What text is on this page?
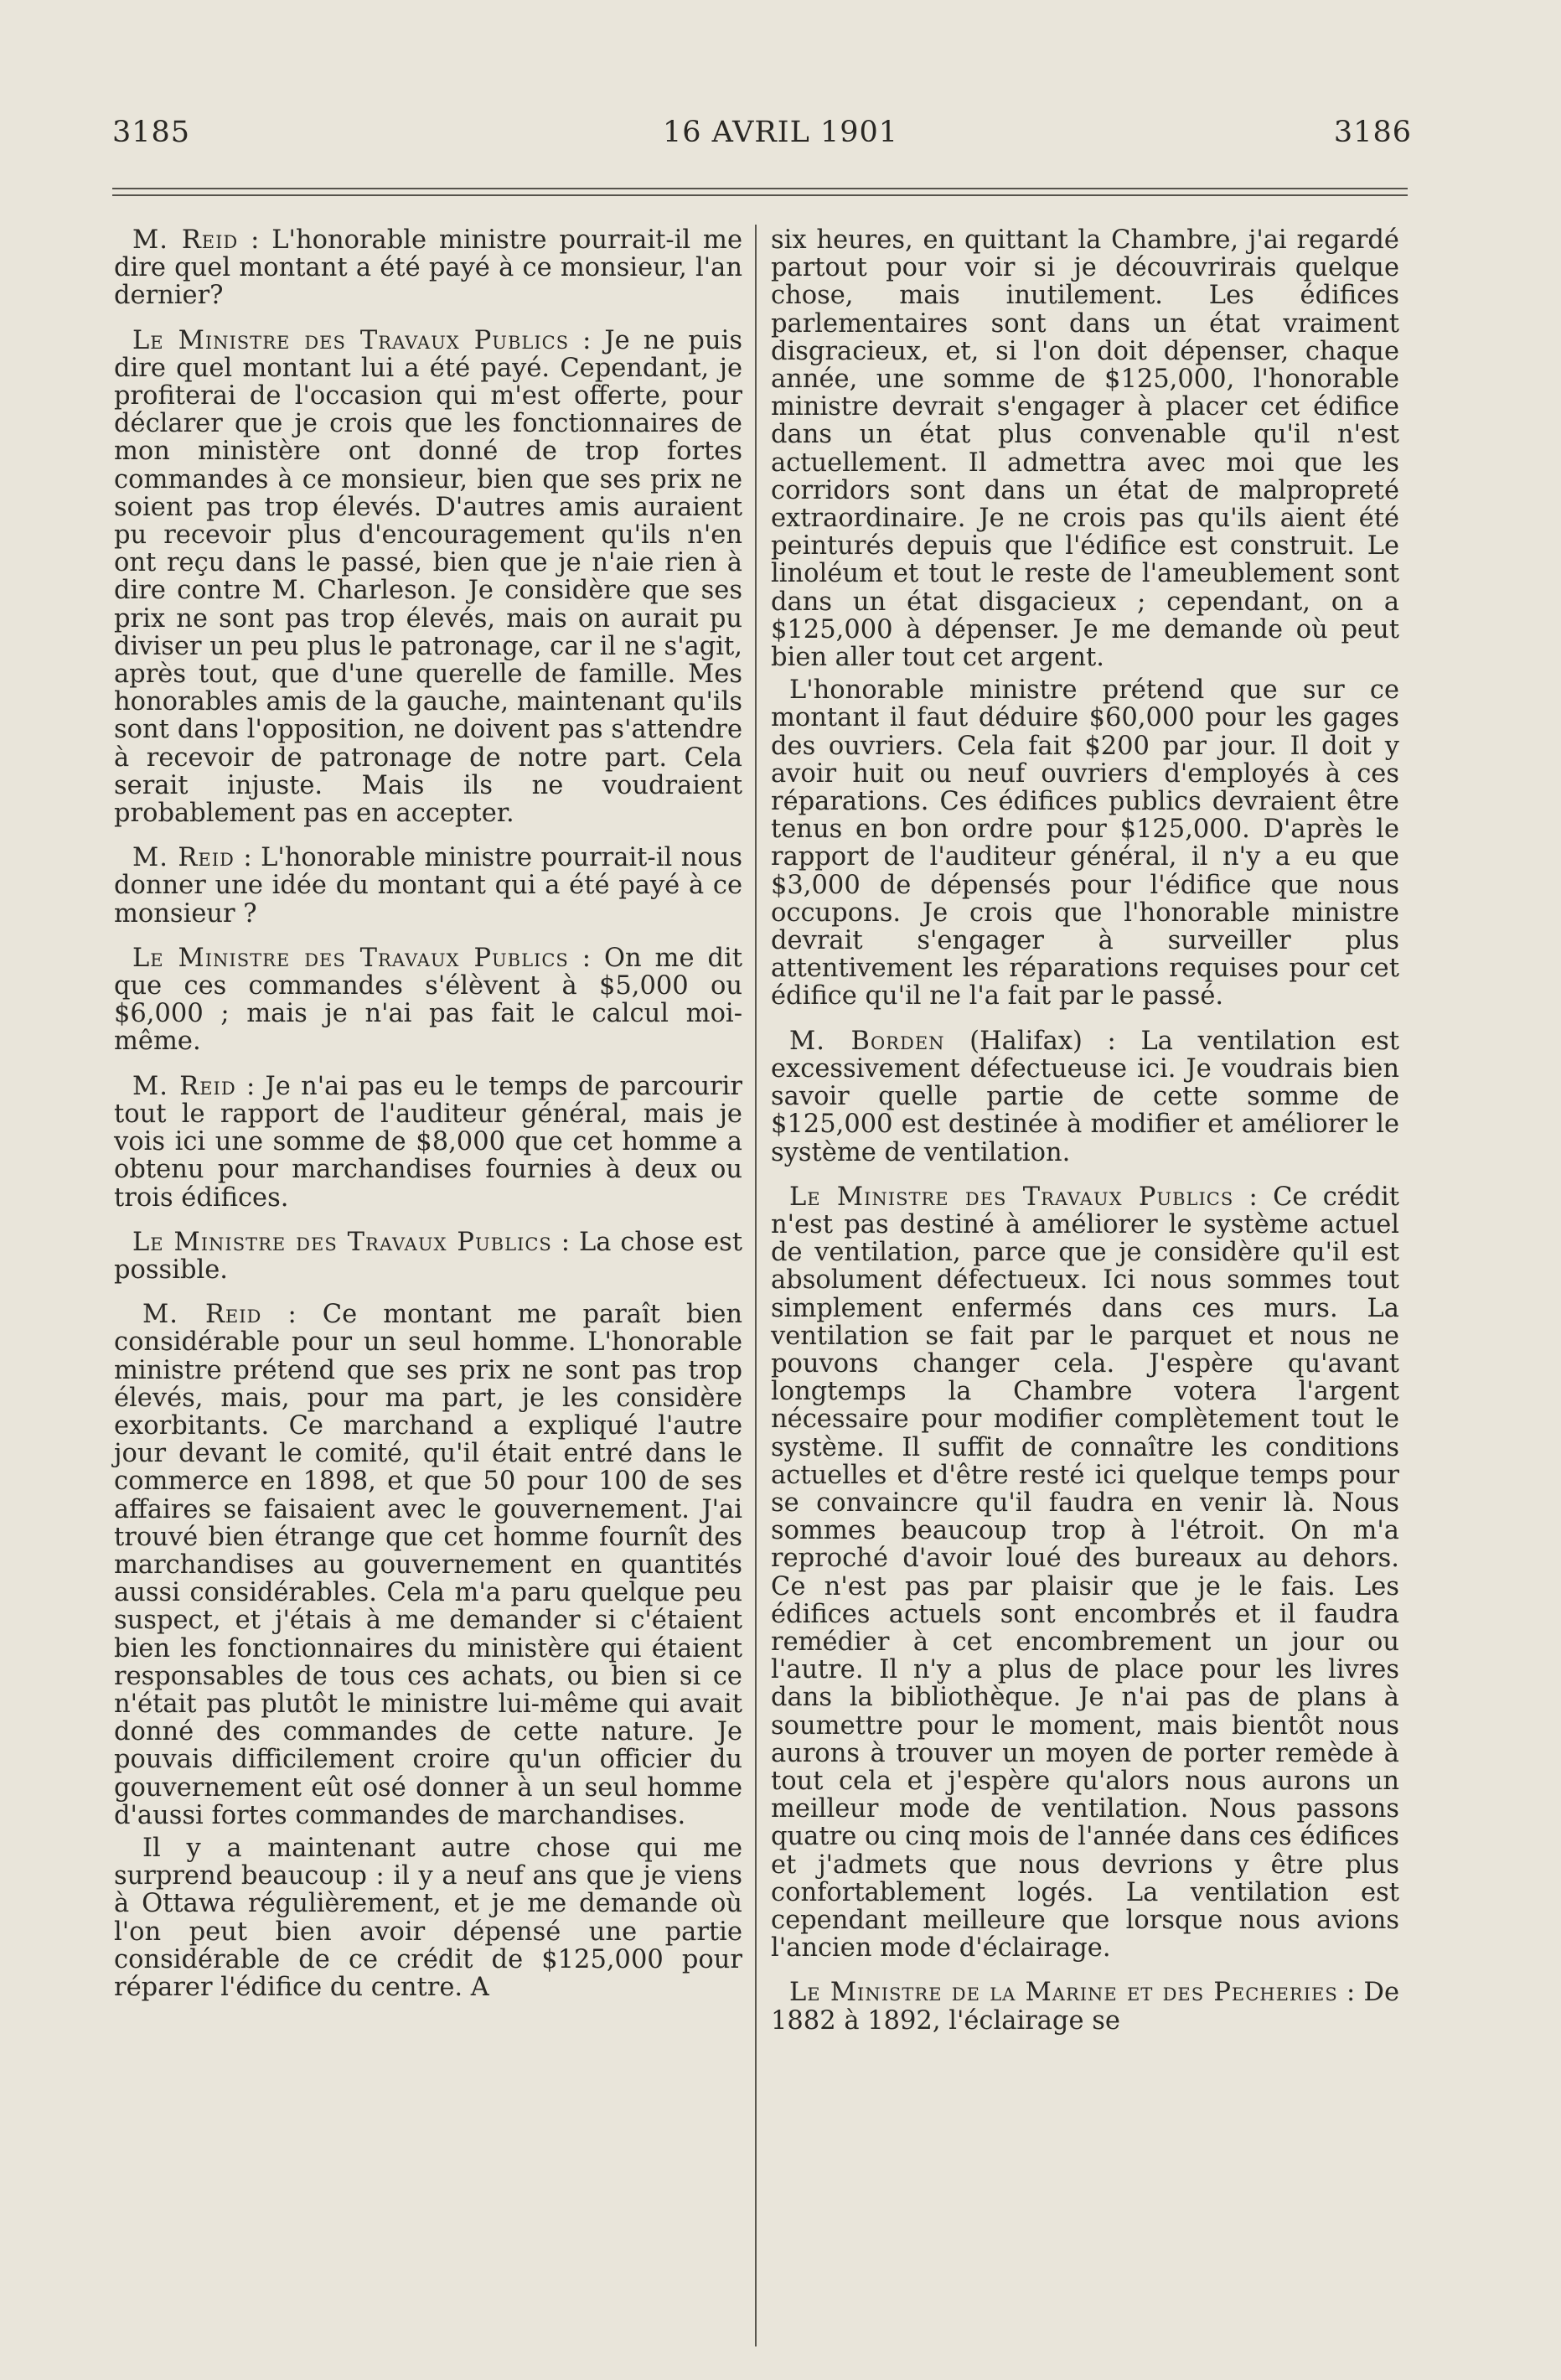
3185	16 AVRIL 1901	3186

M. Reid : L'honorable ministre pourrait-il me dire quel montant a été payé à ce monsieur, l'an dernier?

Le Ministre des Travaux Publics : Je ne puis dire quel montant lui a été payé. Cependant, je profiterai de l'occasion qui m'est offerte, pour déclarer que je crois que les fonctionnaires de mon ministère ont donné de trop fortes commandes à ce monsieur, bien que ses prix ne soient pas trop élevés. D'autres amis auraient pu recevoir plus d'encouragement qu'ils n'en ont reçu dans le passé, bien que je n'aie rien à dire contre M. Charleson. Je considère que ses prix ne sont pas trop élevés, mais on aurait pu diviser un peu plus le patronage, car il ne s'agit, après tout, que d'une querelle de famille. Mes honorables amis de la gauche, maintenant qu'ils sont dans l'opposition, ne doivent pas s'attendre à recevoir de patronage de notre part. Cela serait injuste. Mais ils ne voudraient probablement pas en accepter.

M. Reid : L'honorable ministre pourrait-il nous donner une idée du montant qui a été payé à ce monsieur ?

Le Ministre des Travaux Publics : On me dit que ces commandes s'élèvent à $5,000 ou $6,000 ; mais je n'ai pas fait le calcul moi-même.

M. Reid : Je n'ai pas eu le temps de parcourir tout le rapport de l'auditeur général, mais je vois ici une somme de $8,000 que cet homme a obtenu pour marchandises fournies à deux ou trois édifices.

Le Ministre des Travaux Publics : La chose est possible.

M. Reid : Ce montant me paraît bien considérable pour un seul homme. L'honorable ministre prétend que ses prix ne sont pas trop élevés, mais, pour ma part, je les considère exorbitants. Ce marchand a expliqué l'autre jour devant le comité, qu'il était entré dans le commerce en 1898, et que 50 pour 100 de ses affaires se faisaient avec le gouvernement. J'ai trouvé bien étrange que cet homme fournît des marchandises au gouvernement en quantités aussi considérables. Cela m'a paru quelque peu suspect, et j'étais à me demander si c'étaient bien les fonctionnaires du ministère qui étaient responsables de tous ces achats, ou bien si ce n'était pas plutôt le ministre lui-même qui avait donné des commandes de cette nature. Je pouvais difficilement croire qu'un officier du gouvernement eût osé donner à un seul homme d'aussi fortes commandes de marchandises.

Il y a maintenant autre chose qui me surprend beaucoup : il y a neuf ans que je viens à Ottawa régulièrement, et je me demande où l'on peut bien avoir dépensé une partie considérable de ce crédit de $125,000 pour réparer l'édifice du centre. A

six heures, en quittant la Chambre, j'ai regardé partout pour voir si je découvrirais quelque chose, mais inutilement. Les édifices parlementaires sont dans un état vraiment disgracieux, et, si l'on doit dépenser, chaque année, une somme de $125,000, l'honorable ministre devrait s'engager à placer cet édifice dans un état plus convenable qu'il n'est actuellement. Il admettra avec moi que les corridors sont dans un état de malpropreté extraordinaire. Je ne crois pas qu'ils aient été peinturés depuis que l'édifice est construit. Le linoléum et tout le reste de l'ameublement sont dans un état disgacieux ; cependant, on a $125,000 à dépenser. Je me demande où peut bien aller tout cet argent.

L'honorable ministre prétend que sur ce montant il faut déduire $60,000 pour les gages des ouvriers. Cela fait $200 par jour. Il doit y avoir huit ou neuf ouvriers d'employés à ces réparations. Ces édifices publics devraient être tenus en bon ordre pour $125,000. D'après le rapport de l'auditeur général, il n'y a eu que $3,000 de dépensés pour l'édifice que nous occupons. Je crois que l'honorable ministre devrait s'engager à surveiller plus attentivement les réparations requises pour cet édifice qu'il ne l'a fait par le passé.

M. Borden (Halifax) : La ventilation est excessivement défectueuse ici. Je voudrais bien savoir quelle partie de cette somme de $125,000 est destinée à modifier et améliorer le système de ventilation.

Le Ministre des Travaux Publics : Ce crédit n'est pas destiné à améliorer le système actuel de ventilation, parce que je considère qu'il est absolument défectueux. Ici nous sommes tout simplement enfermés dans ces murs. La ventilation se fait par le parquet et nous ne pouvons changer cela. J'espère qu'avant longtemps la Chambre votera l'argent nécessaire pour modifier complètement tout le système. Il suffit de connaître les conditions actuelles et d'être resté ici quelque temps pour se convaincre qu'il faudra en venir là. Nous sommes beaucoup trop à l'étroit. On m'a reproché d'avoir loué des bureaux au dehors. Ce n'est pas par plaisir que je le fais. Les édifices actuels sont encombrés et il faudra remédier à cet encombrement un jour ou l'autre. Il n'y a plus de place pour les livres dans la bibliothèque. Je n'ai pas de plans à soumettre pour le moment, mais bientôt nous aurons à trouver un moyen de porter remède à tout cela et j'espère qu'alors nous aurons un meilleur mode de ventilation. Nous passons quatre ou cinq mois de l'année dans ces édifices et j'admets que nous devrions y être plus confortablement logés. La ventilation est cependant meilleure que lorsque nous avions l'ancien mode d'éclairage.

Le Ministre de la Marine et des Pecheries : De 1882 à 1892, l'éclairage se
